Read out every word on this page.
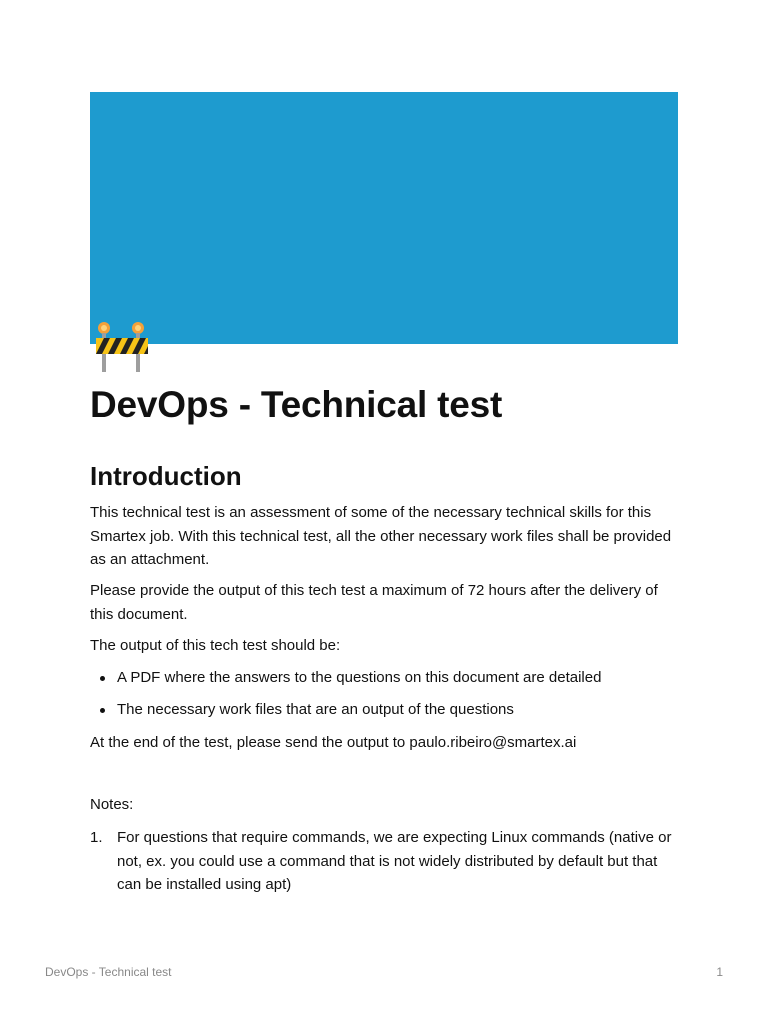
DevOps - Technical test
Introduction

This technical test is an assessment of some of the necessary technical skills for this Smartex job. With this technical test, all the other necessary work files shall be provided as an attachment.

Please provide the output of this tech test a maximum of 72 hours after the delivery of this document.

The output of this tech test should be:

A PDF where the answers to the questions on this document are detailed
The necessary work files that are an output of the questions

At the end of the test, please send the output to paulo.ribeiro@smartex.ai

Notes:

1. For questions that require commands, we are expecting Linux commands (native or not, ex. you could use a command that is not widely distributed by default but that can be installed using apt)
DevOps - Technical test	1
